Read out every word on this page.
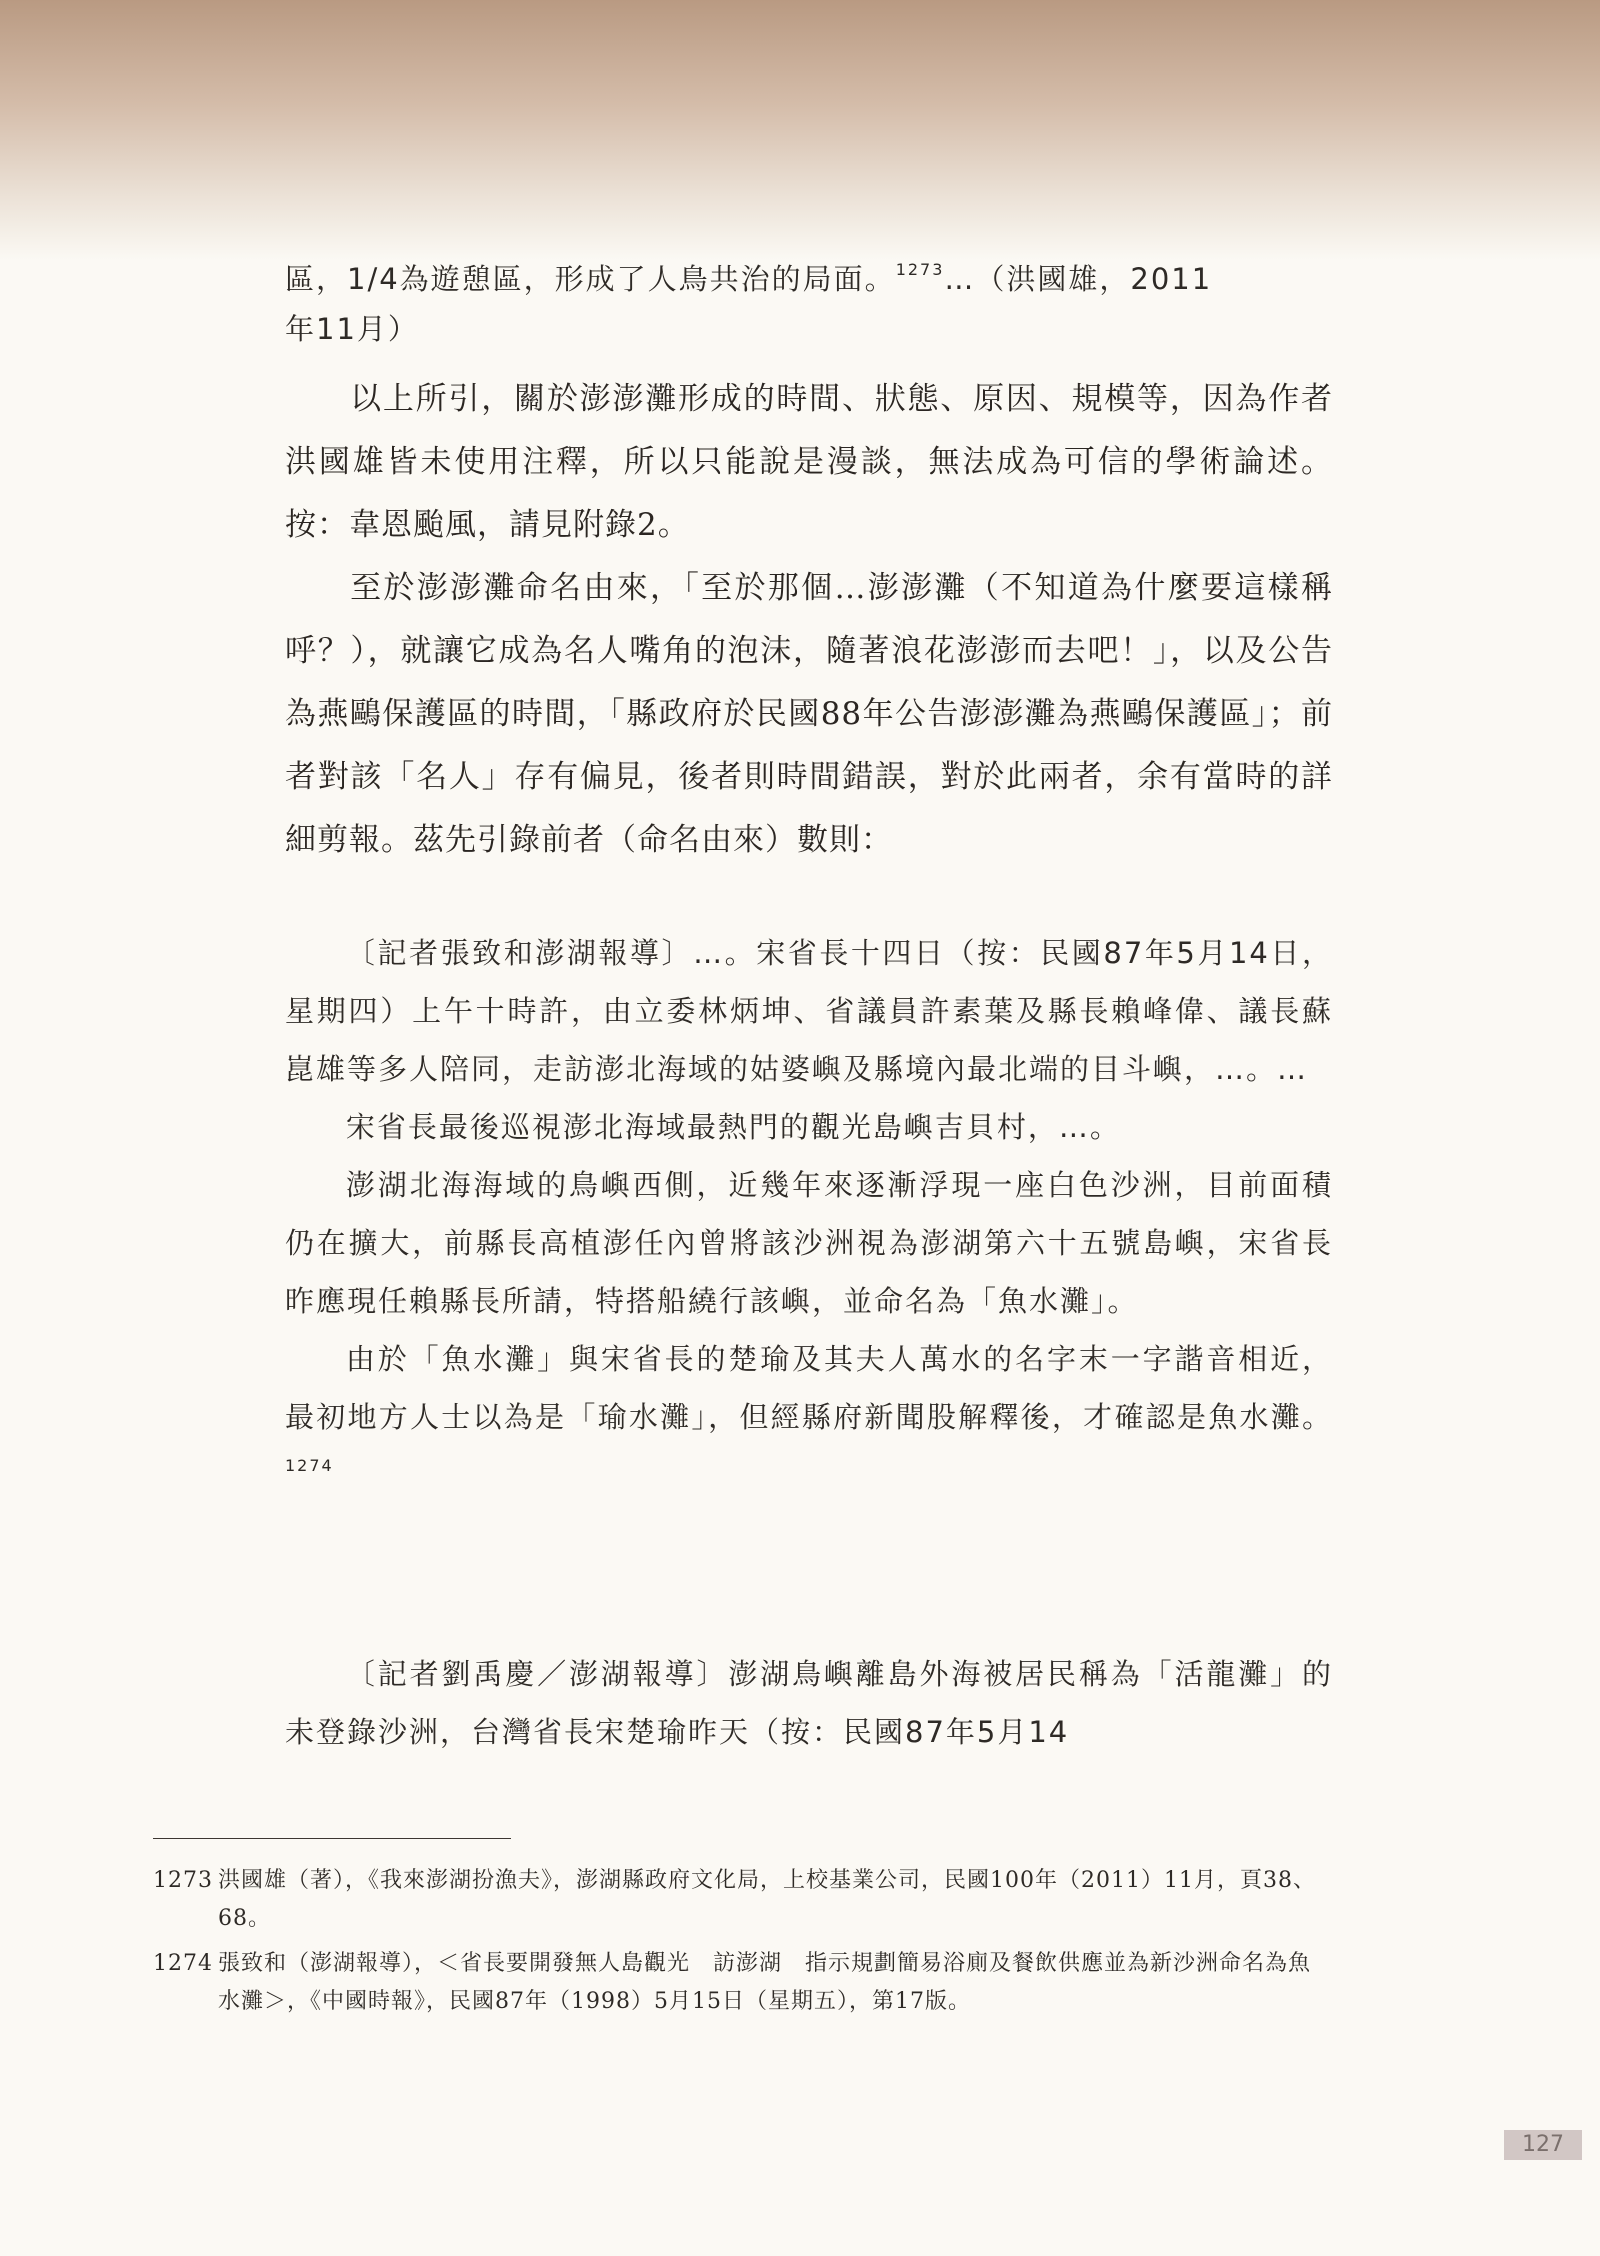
區，1/4為遊憩區，形成了人鳥共治的局面。$^{1273}$…（洪國雄，2011
年11月）

以上所引，關於澎澎灘形成的時間、狀態、原因、規模等，因為作者洪國雄皆未使用注釋，所以只能說是漫談，無法成為可信的學術論述。按：韋恩颱風，請見附錄2。

至於澎澎灘命名由來，「至於那個…澎澎灘（不知道為什麼要這樣稱呼？），就讓它成為名人嘴角的泡沫，隨著浪花澎澎而去吧！」，以及公告為燕鷗保護區的時間，「縣政府於民國88年公告澎澎灘為燕鷗保護區」；前者對該「名人」存有偏見，後者則時間錯誤，對於此兩者，余有當時的詳細剪報。茲先引錄前者（命名由來）數則：

〔記者張致和澎湖報導〕…。宋省長十四日（按：民國87年5月14日，星期四）上午十時許，由立委林炳坤、省議員許素葉及縣長賴峰偉、議長蘇崑雄等多人陪同，走訪澎北海域的姑婆嶼及縣境內最北端的目斗嶼，…。…

宋省長最後巡視澎北海域最熱門的觀光島嶼吉貝村，…。

澎湖北海海域的鳥嶼西側，近幾年來逐漸浮現一座白色沙洲，目前面積仍在擴大，前縣長高植澎任內曾將該沙洲視為澎湖第六十五號島嶼，宋省長昨應現任賴縣長所請，特搭船繞行該嶼，並命名為「魚水灘」。

由於「魚水灘」與宋省長的楚瑜及其夫人萬水的名字末一字諧音相近，最初地方人士以為是「瑜水灘」，但經縣府新聞股解釋後，才確認是魚水灘。$^{1274}$

〔記者劉禹慶／澎湖報導〕澎湖鳥嶼離島外海被居民稱為「活龍灘」的未登錄沙洲，台灣省長宋楚瑜昨天（按：民國87年5月14

1273 洪國雄（著），《我來澎湖扮漁夫》，澎湖縣政府文化局，上校基業公司，民國100年（2011）11月，頁38、68。
1274 張致和（澎湖報導），＜省長要開發無人島觀光　訪澎湖　指示規劃簡易浴廁及餐飲供應並為新沙洲命名為魚水灘＞，《中國時報》，民國87年（1998）5月15日（星期五），第17版。
127
